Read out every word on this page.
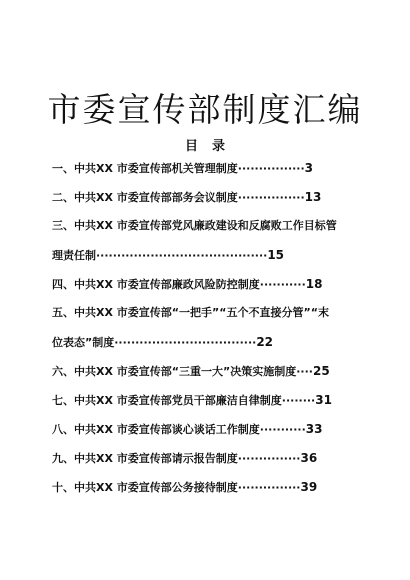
市委宣传部制度汇编
目录
一、中共XX 市委宣传部机关管理制度················3
二、中共XX 市委宣传部部务会议制度················13
三、中共XX 市委宣传部党风廉政建设和反腐败工作目标管
理责任制·········································15
四、中共XX 市委宣传部廉政风险防控制度···········18
五、中共XX 市委宣传部“一把手”“五个不直接分管”“末
位表态”制度··································22
六、中共XX 市委宣传部“三重一大”决策实施制度····25
七、中共XX 市委宣传部党员干部廉洁自律制度········31
八、中共XX 市委宣传部谈心谈话工作制度···········33
九、中共XX 市委宣传部请示报告制度···············36
十、中共XX 市委宣传部公务接待制度···············39
